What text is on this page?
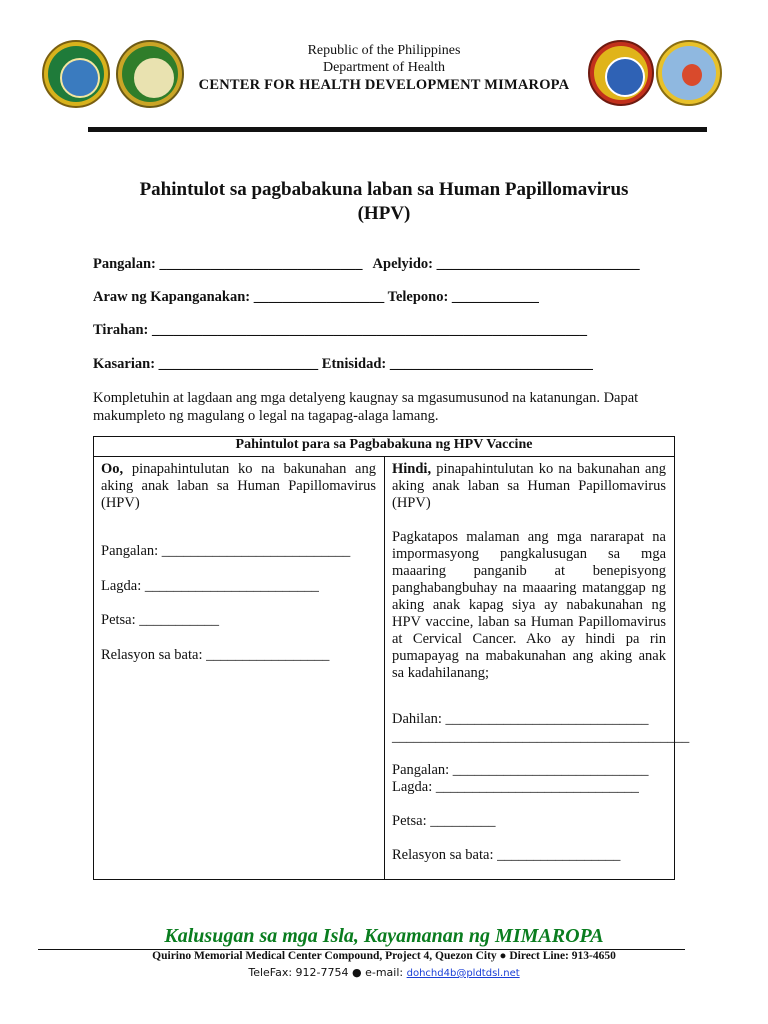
Republic of the Philippines
Department of Health
CENTER FOR HEALTH DEVELOPMENT MIMAROPA
Pahintulot sa pagbabakuna laban sa Human Papillomavirus
(HPV)
Pangalan: ____________________________   Apelyido: ____________________________
Araw ng Kapanganakan: __________________ Telepono: ____________
Tirahan: ____________________________________________________________
Kasarian: ______________________ Etnisidad: ____________________________
Kompletuhin at lagdaan ang mga detalyeng kaugnay sa mgasumusunod na katanungan. Dapat makumpleto ng magulang o legal na tagapag-alaga lamang.
Pahintulot para sa Pagbabakuna ng HPV Vaccine

Oo, pinapahintulutan ko na bakunahan ang aking anak laban sa Human Papillomavirus (HPV)

Pangalan: __________________________

Lagda: ________________________

Petsa: ___________

Relasyon sa bata: _________________

Hindi, pinapahintulutan ko na bakunahan ang aking anak laban sa Human Papillomavirus (HPV)

Pagkatapos malaman ang mga nararapat na impormasyong pangkalusugan sa mga maaaring panganib at benepisyong panghabangbuhay na maaaring matanggap ng aking anak kapag siya ay nabakunahan ng HPV vaccine, laban sa Human Papillomavirus at Cervical Cancer. Ako ay hindi pa rin pumapayag na mabakunahan ang aking anak sa kadahilanang;

Dahilan: ____________________________

_________________________________________

Pangalan: ___________________________

Lagda: ____________________________

Petsa: _________

Relasyon sa bata: _________________

Kalusugan sa mga Isla, Kayamanan ng MIMAROPA
Quirino Memorial Medical Center Compound, Project 4, Quezon City ● Direct Line: 913-4650
TeleFax: 912-7754 ● e-mail: dohchd4b@pldtdsl.net
